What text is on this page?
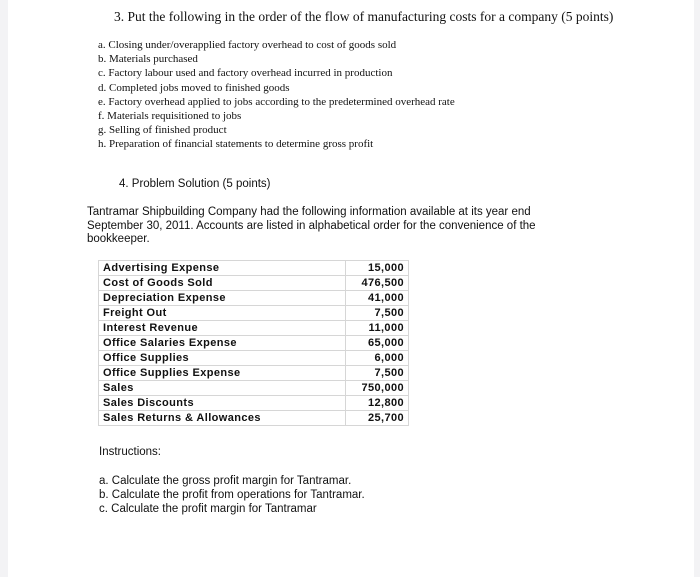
3. Put the following in the order of the flow of manufacturing costs for a company (5 points)
a. Closing under/overapplied factory overhead to cost of goods sold
b. Materials purchased
c. Factory labour used and factory overhead incurred in production
d. Completed jobs moved to finished goods
e. Factory overhead applied to jobs according to the predetermined overhead rate
f. Materials requisitioned to jobs
g. Selling of finished product
h. Preparation of financial statements to determine gross profit
4. Problem Solution (5 points)
Tantramar Shipbuilding Company had the following information available at its year end September 30, 2011. Accounts are listed in alphabetical order for the convenience of the bookkeeper.
Advertising Expense	15,000
Cost of Goods Sold	476,500
Depreciation Expense	41,000
Freight Out	7,500
Interest Revenue	11,000
Office Salaries Expense	65,000
Office Supplies	6,000
Office Supplies Expense	7,500
Sales	750,000
Sales Discounts	12,800
Sales Returns & Allowances	25,700
Instructions:
a. Calculate the gross profit margin for Tantramar.
b. Calculate the profit from operations for Tantramar.
c. Calculate the profit margin for Tantramar
